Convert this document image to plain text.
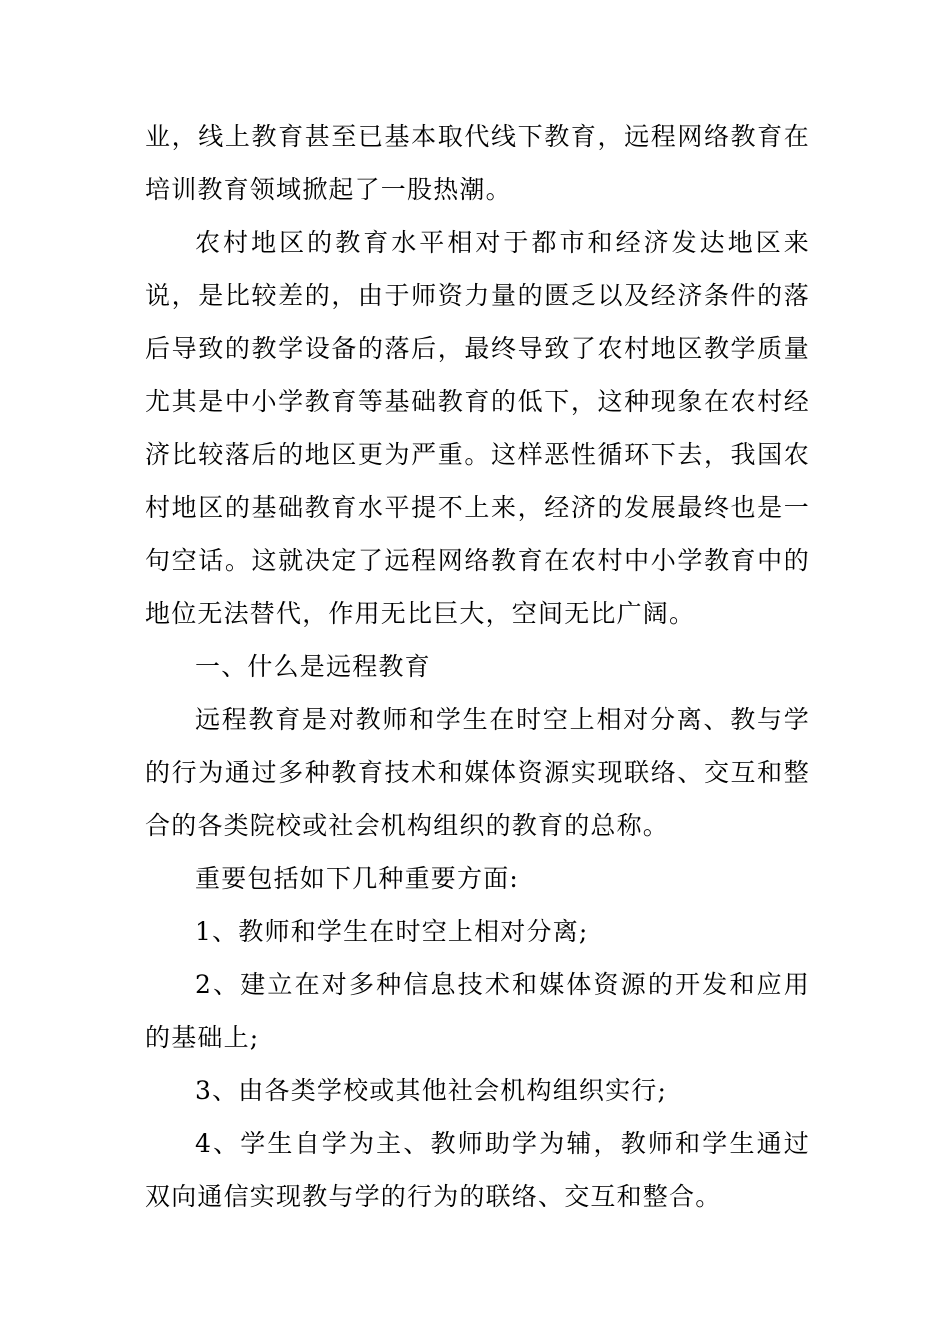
业，线上教育甚至已基本取代线下教育，远程网络教育在培训教育领域掀起了一股热潮。

农村地区的教育水平相对于都市和经济发达地区来说，是比较差的，由于师资力量的匮乏以及经济条件的落后导致的教学设备的落后，最终导致了农村地区教学质量尤其是中小学教育等基础教育的低下，这种现象在农村经济比较落后的地区更为严重。这样恶性循环下去，我国农村地区的基础教育水平提不上来，经济的发展最终也是一句空话。这就决定了远程网络教育在农村中小学教育中的地位无法替代，作用无比巨大，空间无比广阔。

一、什么是远程教育

远程教育是对教师和学生在时空上相对分离、教与学的行为通过多种教育技术和媒体资源实现联络、交互和整合的各类院校或社会机构组织的教育的总称。

重要包括如下几种重要方面:

1、教师和学生在时空上相对分离;

2、建立在对多种信息技术和媒体资源的开发和应用的基础上;

3、由各类学校或其他社会机构组织实行;

4、学生自学为主、教师助学为辅，教师和学生通过双向通信实现教与学的行为的联络、交互和整合。
